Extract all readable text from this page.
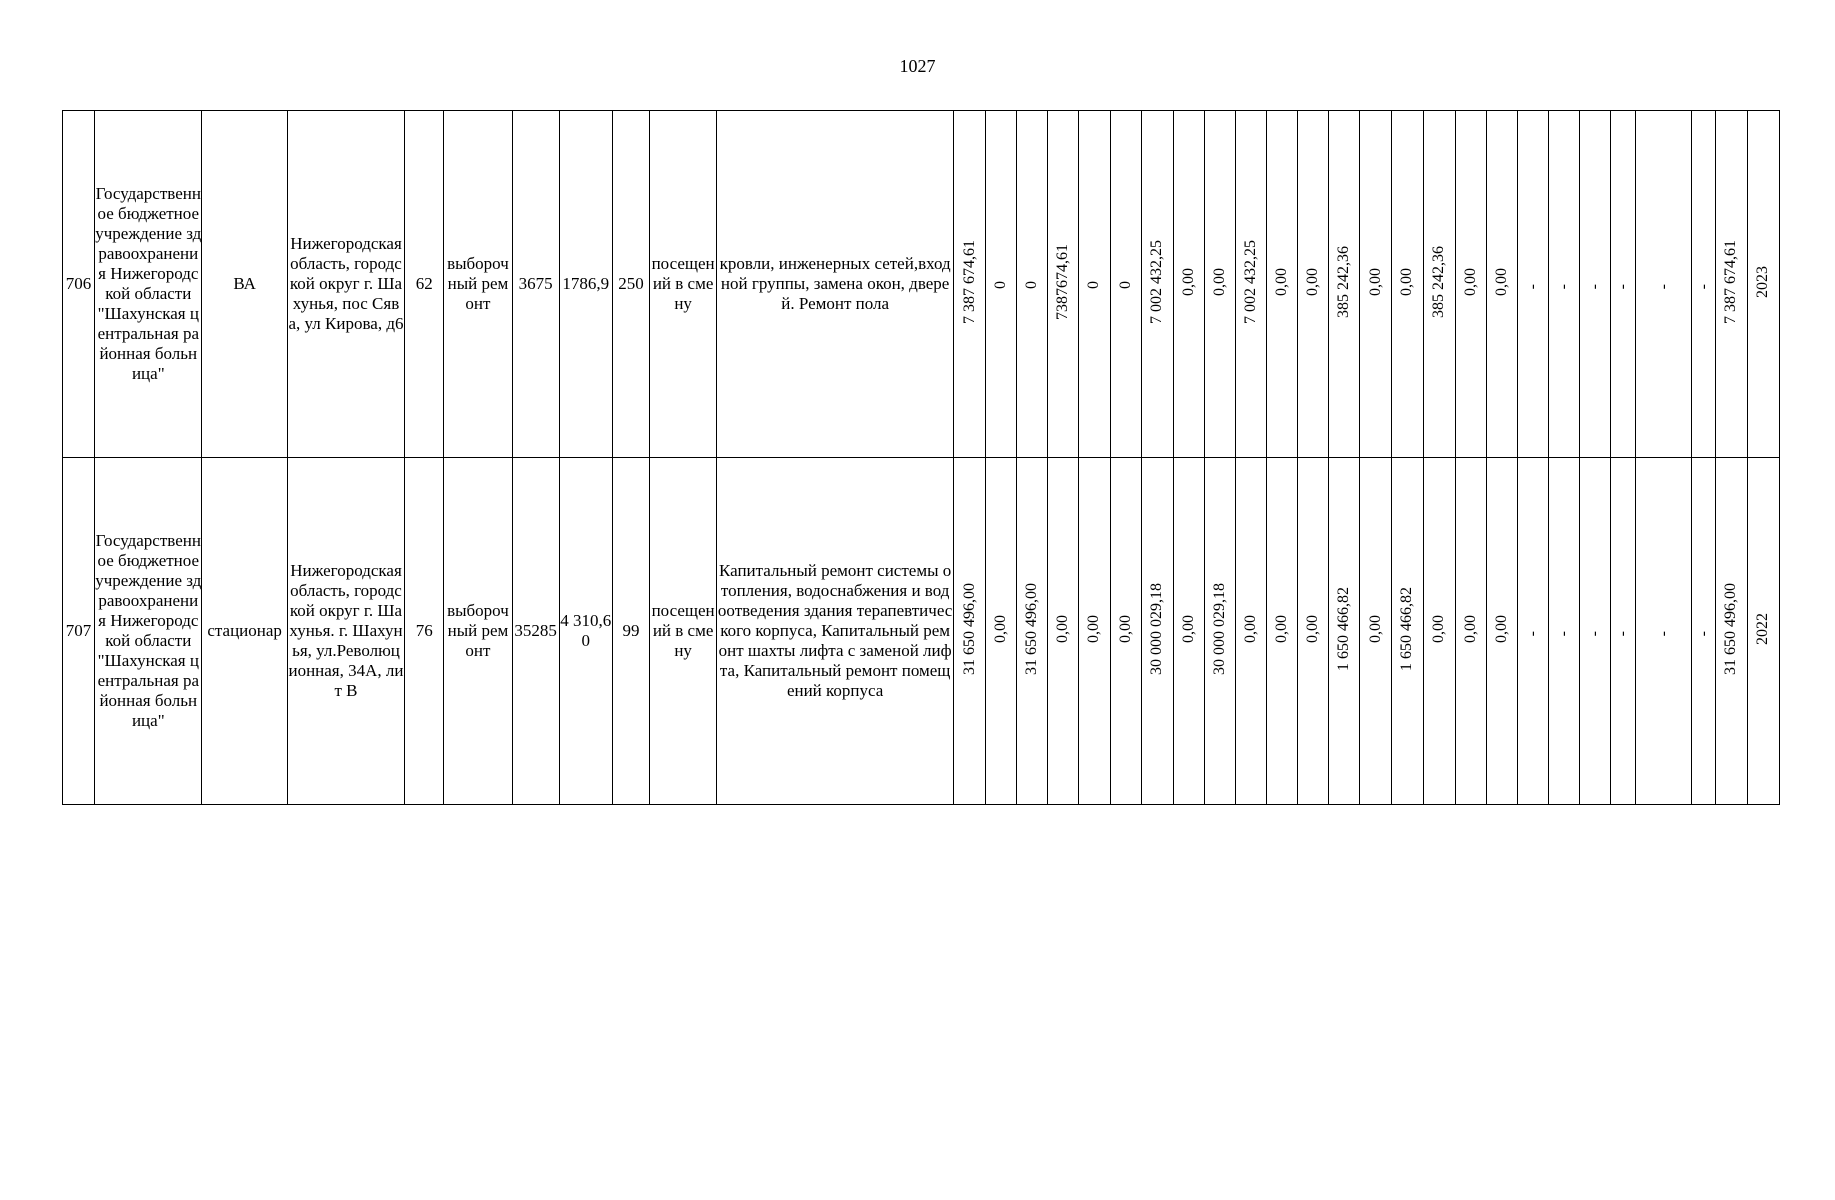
1027
706	Государственное бюджетное учреждение здравоохранения Нижегородской области "Шахунская центральная районная больница"	ВА	Нижегородская область, городской округ г. Шахунья, пос Сява, ул Кирова, д6	62	выборочный ремонт	3675	1786,9	250	посещений в смену	кровли, инженерных сетей,входной группы, замена окон, дверей. Ремонт пола	7 387 674,61	0	0	7387674,61	0	0	7 002 432,25	0,00	0,00	7 002 432,25	0,00	0,00	385 242,36	0,00	0,00	385 242,36	0,00	0,00	-	-	-	-	-	-	7 387 674,61	2023
707	Государственное бюджетное учреждение здравоохранения Нижегородской области "Шахунская центральная районная больница"	стационар	Нижегородская область, городской округ г. Шахунья. г. Шахунья, ул.Революционная, 34А, лит В	76	выборочный ремонт	35285	4 310,60	99	посещений в смену	Капитальный ремонт системы отопления, водоснабжения и водоотведения здания терапевтического корпуса, Капитальный ремонт шахты лифта с заменой лифта, Капитальный ремонт помещений корпуса	31 650 496,00	0,00	31 650 496,00	0,00	0,00	0,00	30 000 029,18	0,00	30 000 029,18	0,00	0,00	0,00	1 650 466,82	0,00	1 650 466,82	0,00	0,00	0,00	-	-	-	-	-	-	31 650 496,00	2022
